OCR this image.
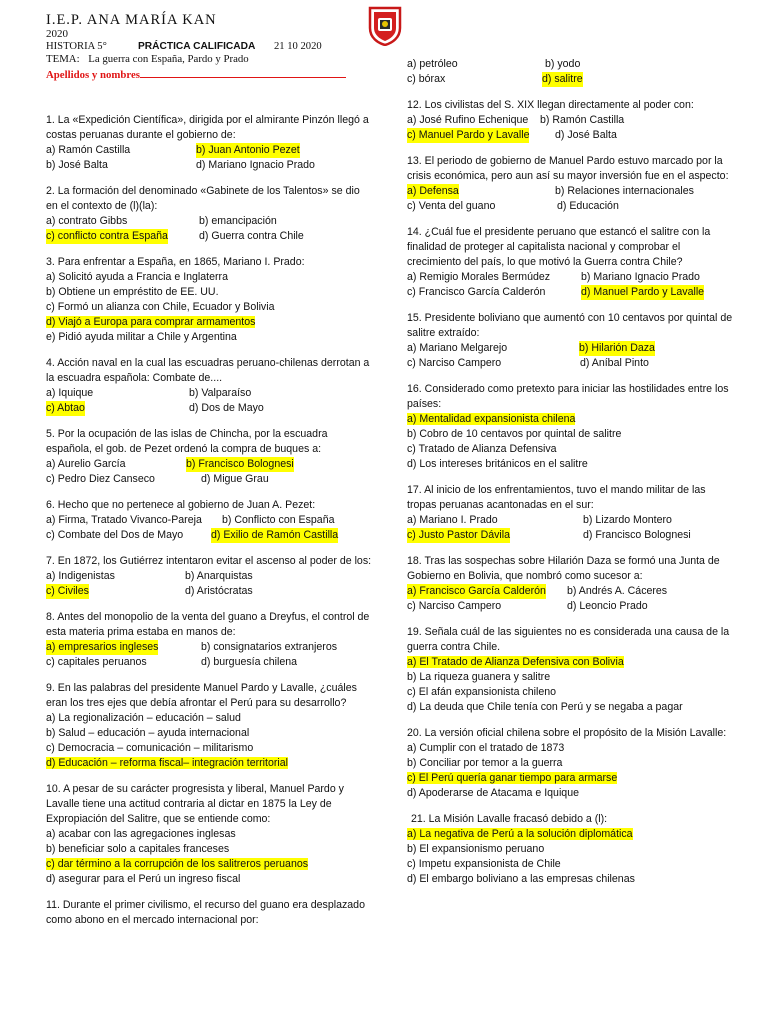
I.E.P. ANA MARÍA KAN
2020
HISTORIA 5°	PRÁCTICA CALIFICADA 21 10 2020
TEMA: La guerra con España, Pardo y Prado
Apellidos y nombres
1. La «Expedición Científica», dirigida por el almirante Pinzón llegó a costas peruanas durante el gobierno de:
a) Ramón Castilla	b) Juan Antonio Pezet
b) José Balta	d) Mariano Ignacio Prado
2. La formación del denominado «Gabinete de los Talentos» se dio en el contexto de (l)(la):
a) contrato Gibbs	b) emancipación
c) conflicto contra España	d) Guerra contra Chile
3. Para enfrentar a España, en 1865, Mariano I. Prado:
a) Solicitó ayuda a Francia e Inglaterra
b) Obtiene un empréstito de EE. UU.
c) Formó un alianza con Chile, Ecuador y Bolivia
d) Viajó a Europa para comprar armamentos
e) Pidió ayuda militar a Chile y Argentina
4. Acción naval en la cual las escuadras peruano-chilenas derrotan a la escuadra española: Combate de....
a) Iquique	b) Valparaíso
c) Abtao	d) Dos de Mayo
5. Por la ocupación de las islas de Chincha, por la escuadra española, el gob. de Pezet ordenó la compra de buques a:
a) Aurelio García	b) Francisco Bolognesi
c) Pedro Diez Canseco	d) Migue Grau
6. Hecho que no pertenece al gobierno de Juan A. Pezet:
a) Firma, Tratado Vivanco-Pareja b) Conflicto con España
c) Combate del Dos de Mayo	d) Exilio de Ramón Castilla
7. En 1872, los Gutiérrez intentaron evitar el ascenso al poder de los:
a) Indigenistas	b) Anarquistas
c) Civiles	d) Aristócratas
8. Antes del monopolio de la venta del guano a Dreyfus, el control de esta materia prima estaba en manos de:
a) empresarios ingleses	b) consignatarios extranjeros
c) capitales peruanos	d) burguesía chilena
9. En las palabras del presidente Manuel Pardo y Lavalle, ¿cuáles eran los tres ejes que debía afrontar el Perú para su desarrollo?
a) La regionalización – educación – salud
b) Salud – educación – ayuda internacional
c) Democracia – comunicación – militarismo
d) Educación – reforma fiscal– integración territorial
10. A pesar de su carácter progresista y liberal, Manuel Pardo y Lavalle tiene una actitud contraria al dictar en 1875 la Ley de Expropiación del Salitre, que se entiende como:
a) acabar con las agregaciones inglesas
b) beneficiar solo a capitales franceses
c) dar término a la corrupción de los salitreros peruanos
d) asegurar para el Perú un ingreso fiscal
11. Durante el primer civilismo, el recurso del guano era desplazado como abono en el mercado internacional por:
a) petróleo	b) yodo
c) bórax	d) salitre
12. Los civilistas del S. XIX llegan directamente al poder con:
a) José Rufino Echenique b) Ramón Castilla
c) Manuel Pardo y Lavalle d) José Balta
13. El periodo de gobierno de Manuel Pardo estuvo marcado por la crisis económica, pero aun así su mayor inversión fue en el aspecto:
a) Defensa	b) Relaciones internacionales
c) Venta del guano	d) Educación
14. ¿Cuál fue el presidente peruano que estancó el salitre con la finalidad de proteger al capitalista nacional y comprobar el crecimiento del país, lo que motivó la Guerra contra Chile?
a) Remigio Morales Bermúdez	b) Mariano Ignacio Prado
c) Francisco García Calderón	d) Manuel Pardo y Lavalle
15. Presidente boliviano que aumentó con 10 centavos por quintal de salitre extraído:
a) Mariano Melgarejo	b) Hilarión Daza
c) Narciso Campero	d) Aníbal Pinto
16. Considerado como pretexto para iniciar las hostilidades entre los países:
a) Mentalidad expansionista chilena
b) Cobro de 10 centavos por quintal de salitre
c) Tratado de Alianza Defensiva
d) Los intereses británicos en el salitre
17. Al inicio de los enfrentamientos, tuvo el mando militar de las tropas peruanas acantonadas en el sur:
a) Mariano I. Prado	b) Lizardo Montero
c) Justo Pastor Dávila	d) Francisco Bolognesi
18. Tras las sospechas sobre Hilarión Daza se formó una Junta de Gobierno en Bolivia, que nombró como sucesor a:
a) Francisco García Calderón b) Andrés A. Cáceres
c) Narciso Campero	d) Leoncio Prado
19. Señala cuál de las siguientes no es considerada una causa de la guerra contra Chile.
a) El Tratado de Alianza Defensiva con Bolivia
b) La riqueza guanera y salitre
c) El afán expansionista chileno
d) La deuda que Chile tenía con Perú y se negaba a pagar
20. La versión oficial chilena sobre el propósito de la Misión Lavalle:
a) Cumplir con el tratado de 1873
b) Conciliar por temor a la guerra
c) El Perú quería ganar tiempo para armarse
d) Apoderarse de Atacama e Iquique
21. La Misión Lavalle fracasó debido a (l):
a) La negativa de Perú a la solución diplomática
b) El expansionismo peruano
c) Impetu expansionista de Chile
d) El embargo boliviano a las empresas chilenas
